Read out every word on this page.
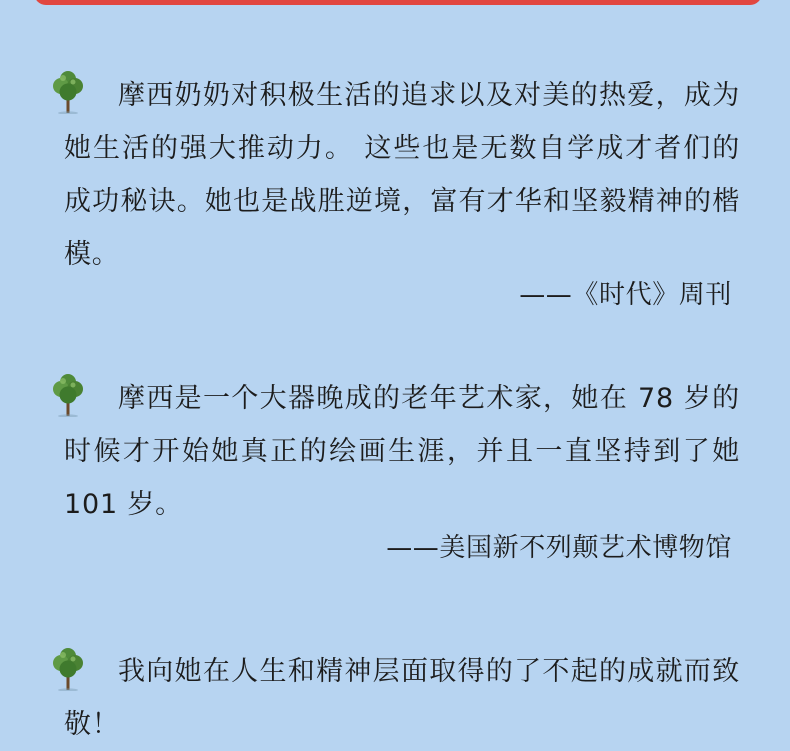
摩西奶奶对积极生活的追求以及对美的热爱，成为她生活的强大推动力。 这些也是无数自学成才者们的成功秘诀。她也是战胜逆境，富有才华和坚毅精神的楷模。

——《时代》周刊

摩西是一个大器晚成的老年艺术家，她在 78 岁的时候才开始她真正的绘画生涯，并且一直坚持到了她 101 岁。

——美国新不列颠艺术博物馆

我向她在人生和精神层面取得的了不起的成就而致敬！
